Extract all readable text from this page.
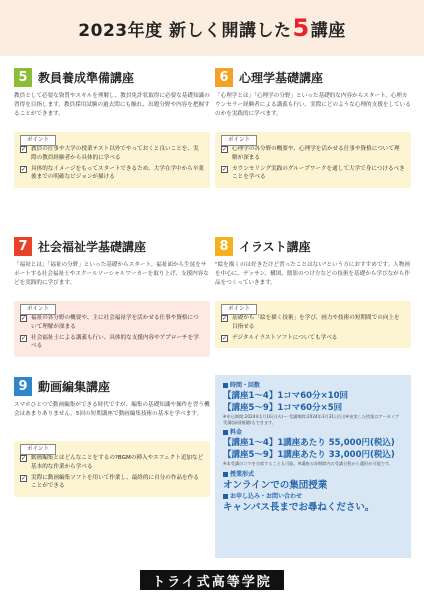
2023年度 新しく開講した5講座
5 教員養成準備講座
教員として必要な資質やスキルを理解し、教員免許状取得に必要な基礎知識の習得を目指します。教員採用試験の過去問にも触れ、出題分野や内容を把握することができます。
ポイント
✓ 教員の仕事や大学の授業テスト以外でやっておくと良いことを、実際の教員経験者から具体的に学べる
✓ 具体的なイメージをもってスタートできるため、大学在学中から卒業後までの明確なビジョンが描ける
6 心理学基礎講座
「心理学とは」「心理学の分野」といった基礎的な内容からスタート。心理カウンセラー経験者による講義も行い、実際にどのような心理的支援をしているのかを実践的に学べます。
ポイント
✓ 心理学の各分野の概要や、心理学を活かせる仕事や資格について理解が深まる
✓ カウンセリング実践のグループワークを通して大学で身につけるべきことを学べる
7 社会福祉学基礎講座
「福祉とは」「福祉の分野」といった基礎からスタート。福祉面から生徒をサポートする社会福祉士やスクールソーシャルワーカーを取り上げ、支援内容などを実践的に学びます。
ポイント
✓ 福祉の各分野の概要や、主に社会福祉学を活かせる仕事や資格について理解が深まる
✓ 社会福祉士による講義も行い、具体的な支援内容やアプローチを学べる
8 イラスト講座
"絵を描くのは好きだけど習ったことはない"という方におすすめです。人物画を中心に、デッサン、構図、陰影のつけ方などの技術を基礎から学びながら作品をつくっていきます。
ポイント
✓ 基礎から「絵を描く技術」を学び、画力や技術の短期間での向上を目指せる
✓ デジタルイラストソフトについても学べる
9 動画編集講座
スマホひとつで動画編集ができる時代ですが、編集の基礎知識や操作を習う機会はあまりありません。5回の短期講座で動画編集技術の基本を学べます。
ポイント
✓ 動画編集とはどんなことをするの?BGMの挿入やエフェクト追加など基本的な作業から学べる
✓ 実際に動画編集ソフトを用いて作業し、最終的に自分の作品を作ることができる
時間・回数
【講座1〜4】1コマ60分×10回
【講座5〜9】1コマ60分×5回
※申込期間:2024年1月16日(火)〜 受講期間:2024年3月31日(日)※充実した授業はアーカイブ受講(録画視聴)もできます。
料金
【講座1〜4】1講座あたり 55,000円(税込)
【講座5〜9】1講座あたり 33,000円(税込)
※本受講のコマを欠席することも可能。※講座の各期間内の受講日程から選択が可能です。
授業形式
オンラインでの集団授業
お申し込み・お問い合わせ
キャンパス長までお尋ねください。
トライ式高等学院
